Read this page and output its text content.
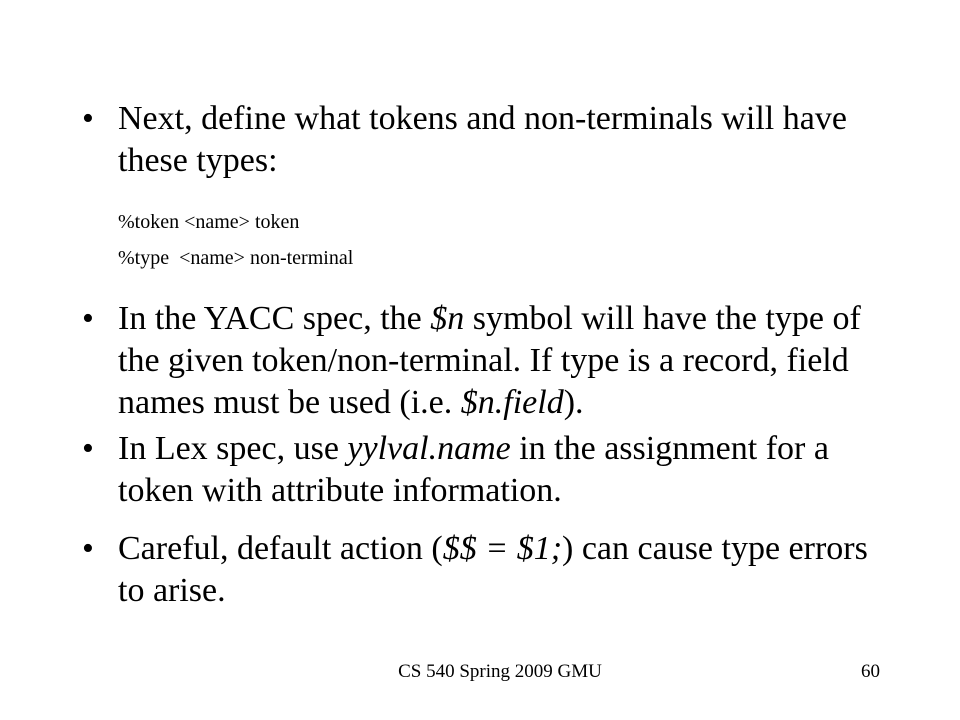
• Next, define what tokens and non-terminals will have these types:
%token <name> token
%type  <name> non-terminal
• In the YACC spec, the $n symbol will have the type of the given token/non-terminal. If type is a record, field names must be used (i.e. $n.field).
• In Lex spec, use yylval.name in the assignment for a token with attribute information.
• Careful, default action ($$ = $1;) can cause type errors to arise.
CS 540 Spring 2009 GMU	60
